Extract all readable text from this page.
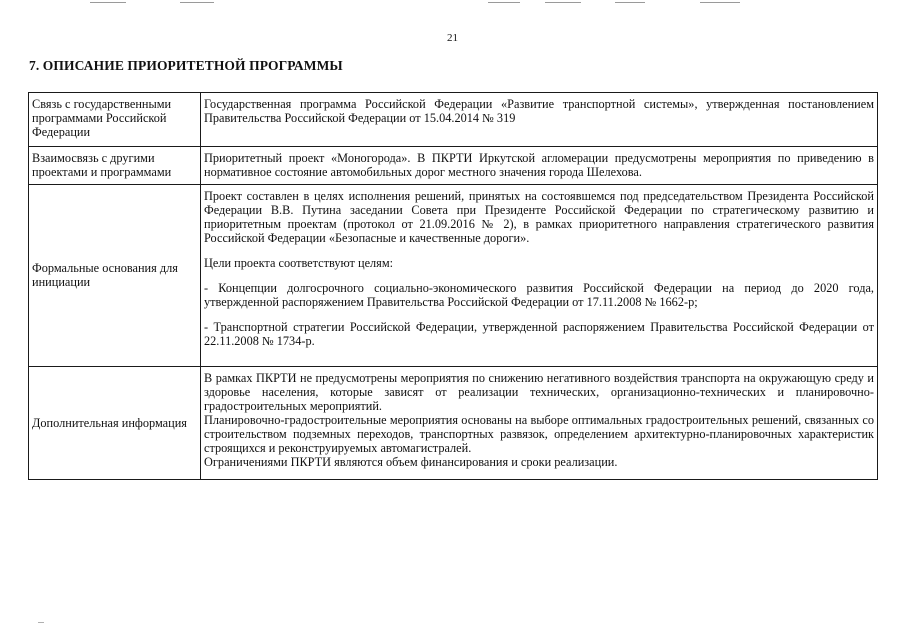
21
7. ОПИСАНИЕ ПРИОРИТЕТНОЙ ПРОГРАММЫ
Связь с государственными программами Российской Федерации	Государственная программа Российской Федерации «Развитие транспортной системы», утвержденная постановлением Правительства Российской Федерации от 15.04.2014 № 319

Взаимосвязь с другими проектами и программами	Приоритетный проект «Моногорода». В ПКРТИ Иркутской агломерации предусмотрены мероприятия по приведению в нормативное состояние автомобильных дорог местного значения города Шелехова.

Формальные основания для инициации	Проект составлен в целях исполнения решений, принятых на состоявшемся под председательством Президента Российской Федерации В.В. Путина заседании Совета при Президенте Российской Федерации по стратегическому развитию и приоритетным проектам (протокол от 21.09.2016 № 2), в рамках приоритетного направления стратегического развития Российской Федерации «Безопасные и качественные дороги».

Цели проекта соответствуют целям:

- Концепции долгосрочного социально-экономического развития Российской Федерации на период до 2020 года, утвержденной распоряжением Правительства Российской Федерации от 17.11.2008 № 1662-р;

- Транспортной стратегии Российской Федерации, утвержденной распоряжением Правительства Российской Федерации от 22.11.2008 № 1734-р.

Дополнительная информация	В рамках ПКРТИ не предусмотрены мероприятия по снижению негативного воздействия транспорта на окружающую среду и здоровье населения, которые зависят от реализации технических, организационно-технических и планировочно-градостроительных мероприятий.

Планировочно-градостроительные мероприятия основаны на выборе оптимальных градостроительных решений, связанных со строительством подземных переходов, транспортных развязок, определением архитектурно-планировочных характеристик строящихся и реконструируемых автомагистралей.

Ограничениями ПКРТИ являются объем финансирования и сроки реализации.
